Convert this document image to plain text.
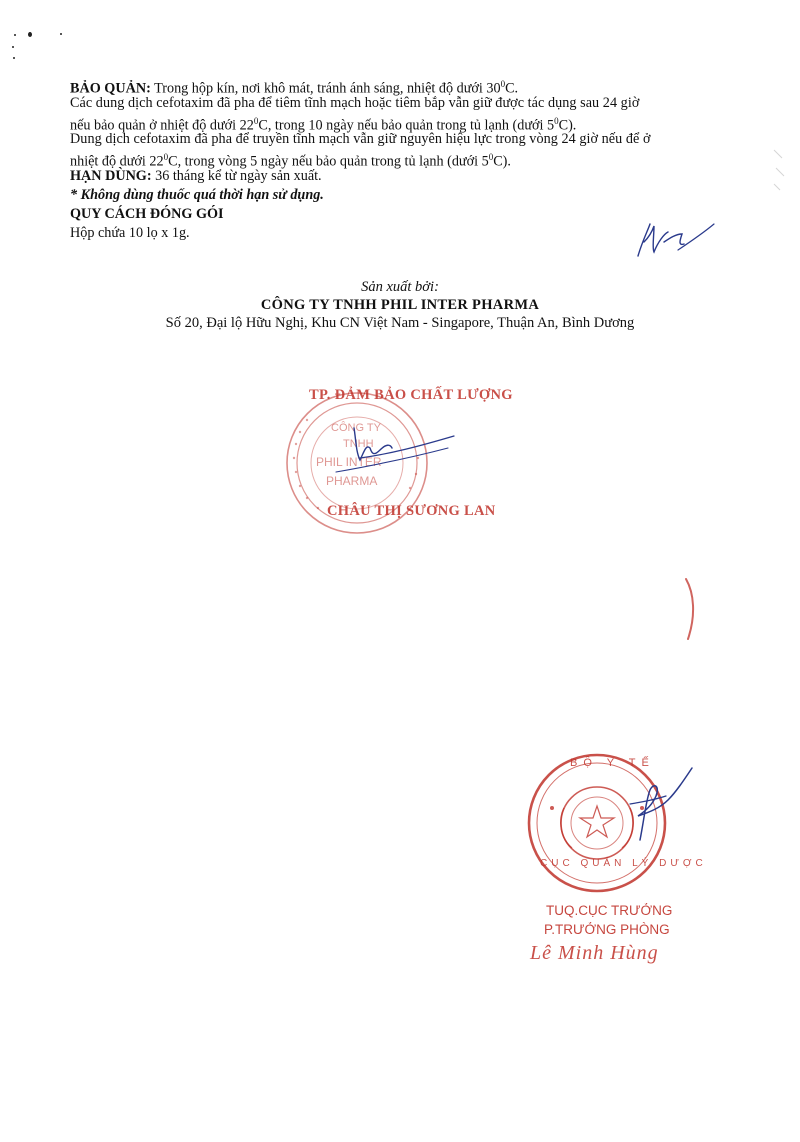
BẢO QUẢN: Trong hộp kín, nơi khô mát, tránh ánh sáng, nhiệt độ dưới $30^0C$.
Các dung dịch cefotaxim đã pha để tiêm tĩnh mạch hoặc tiêm bắp vẫn giữ được tác dụng sau 24 giờ
nếu bảo quản ở nhiệt độ dưới $22^0C$, trong 10 ngày nếu bảo quản trong tủ lạnh (dưới $5^0C$).
Dung dịch cefotaxim đã pha để truyền tĩnh mạch vẫn giữ nguyên hiệu lực trong vòng 24 giờ nếu để ở
nhiệt độ dưới $22^0C$, trong vòng 5 ngày nếu bảo quản trong tủ lạnh (dưới $5^0C$).
HẠN DÙNG: 36 tháng kể từ ngày sản xuất.
* Không dùng thuốc quá thời hạn sử dụng.
QUY CÁCH ĐÓNG GÓI
Hộp chứa 10 lọ x 1g.
Sản xuất bởi:
CÔNG TY TNHH PHIL INTER PHARMA
Số 20, Đại lộ Hữu Nghị, Khu CN Việt Nam - Singapore, Thuận An, Bình Dương
TP. ĐẢM BẢO CHẤT LƯỢNG
CÔNG TY
TNHH
PHIL INTER
PHARMA
CHÂU THỊ SƯƠNG LAN
BỘ Y TẾ
CỤC QUẢN LÝ DƯỢC
TUQ.CỤC TRƯỞNG
P.TRƯỞNG PHÒNG
Lê Minh Hùng
